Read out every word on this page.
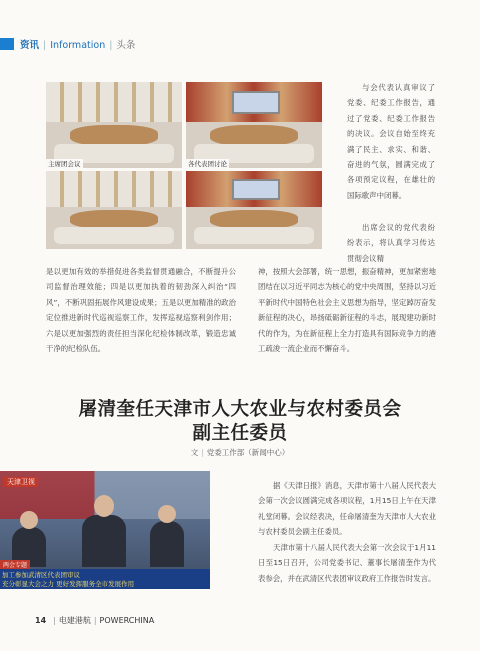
资讯 | Information | 头条
主席团会议	各代表团讨论
与会代表认真审议了党委、纪委工作报告，通过了党委、纪委工作报告的决议。会议自始至终充满了民主、求实、和谐、奋进的气氛，圆满完成了各项预定议程，在雄壮的国际歌声中闭幕。
出席会议的党代表纷纷表示，将认真学习传达贯彻会议精
是以更加有效的举措促进各类监督贯通融合，不断提升公司监督治理效能；四是以更加执着的韧劲深入纠治“四风”，不断巩固拓展作风建设成果；五是以更加精准的政治定位推进新时代巡视巡察工作，发挥巡视巡察利剑作用；六是以更加强烈的责任担当深化纪检体制改革，锻造忠诚干净的纪检队伍。
神，按照大会部署，统一思想，振奋精神，更加紧密地团结在以习近平同志为核心的党中央周围，坚持以习近平新时代中国特色社会主义思想为指导，坚定踔厉奋发新征程的决心，昂扬砥砺新征程的斗志，展现建功新时代的作为，为在新征程上全力打造具有国际竞争力的港工疏浚一流企业而不懈奋斗。
屠清奎任天津市人大农业与农村委员会
副主任委员
文 | 党委工作部（新闻中心）
天津卫视
两会专题
加工参加武清区代表团审议
充分彰显大会之力 更好发挥服务全市发展作用
据《天津日报》消息，天津市第十八届人民代表大会第一次会议圆满完成各项议程，1月15日上午在天津礼堂闭幕。会议经表决，任命屠清奎为天津市人大农业与农村委员会副主任委员。
天津市第十八届人民代表大会第一次会议于1月11日至15日召开，公司党委书记、董事长屠清奎作为代表参会，并在武清区代表团审议政府工作报告时发言。
14 | 电建港航 | POWERCHINA
